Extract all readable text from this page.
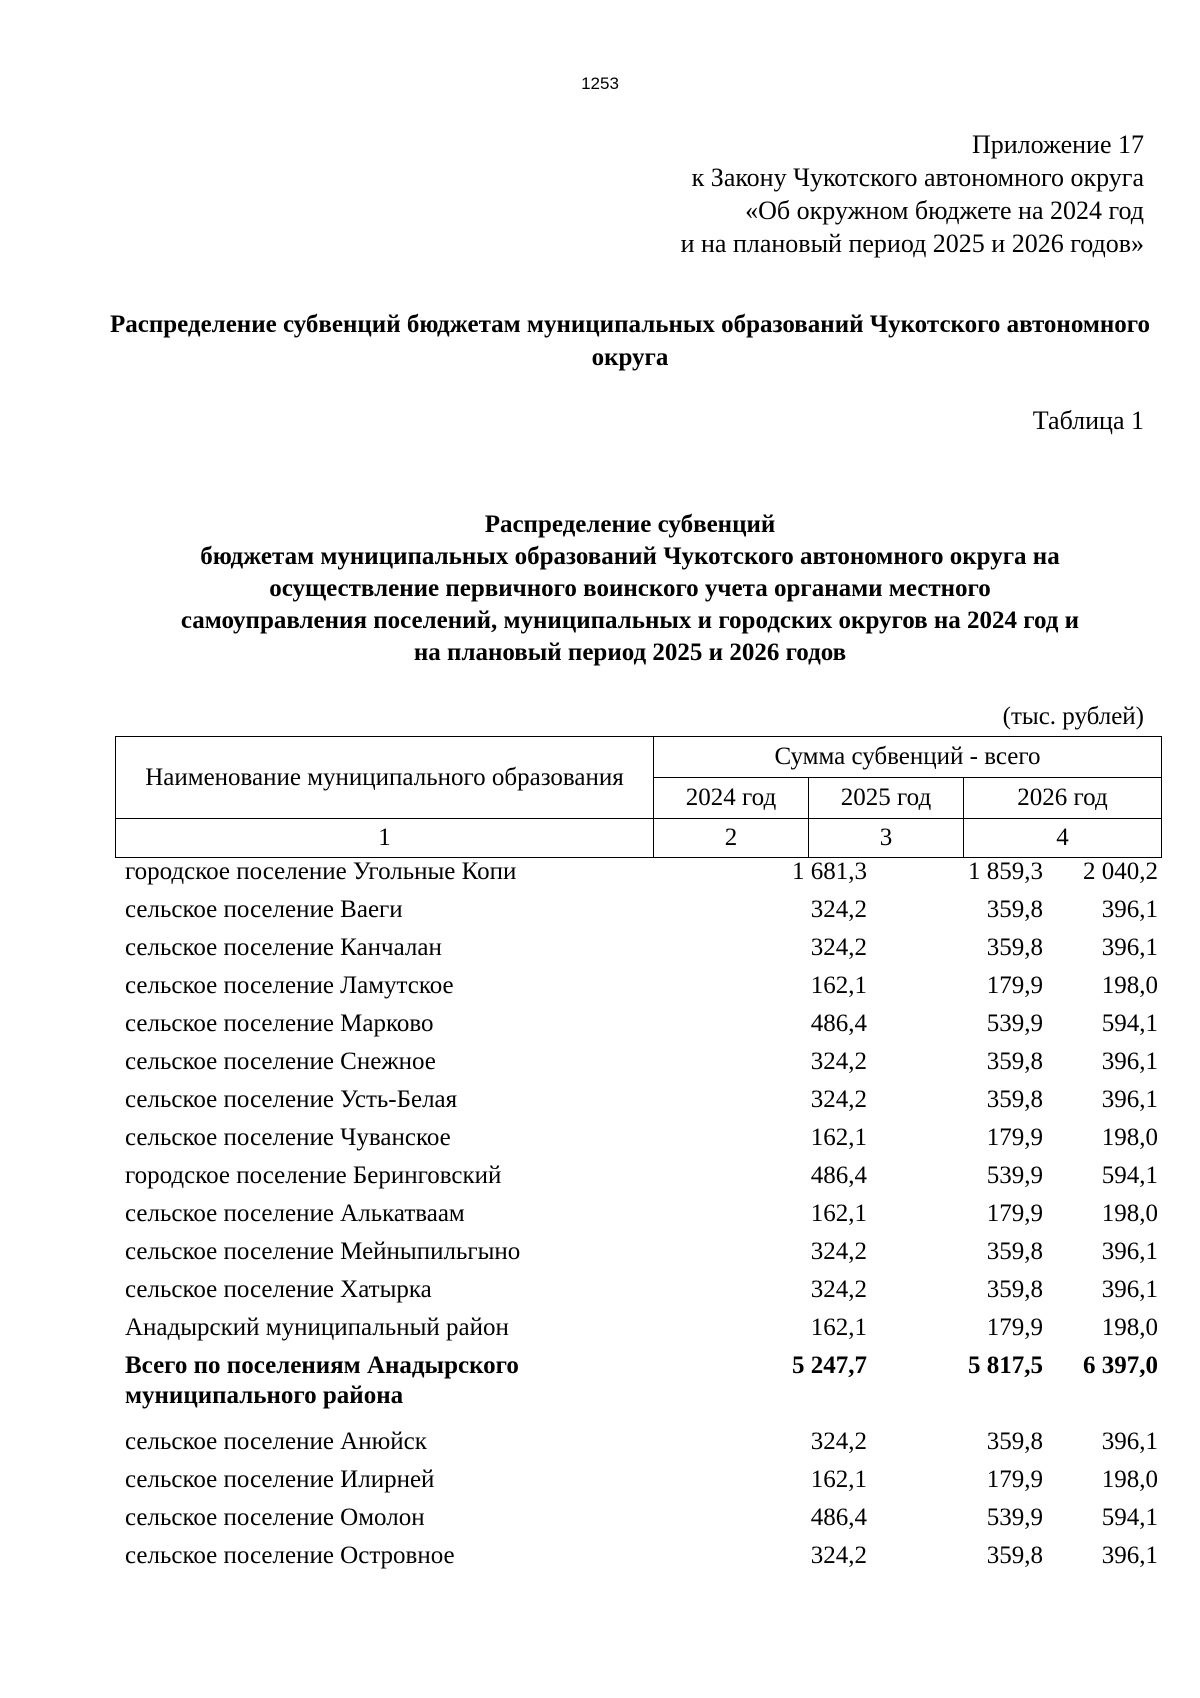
1253
Приложение 17
к Закону Чукотского автономного округа
«Об окружном бюджете на 2024 год
и на плановый период 2025 и 2026 годов»
Распределение субвенций бюджетам муниципальных образований Чукотского автономного округа
Таблица 1
Распределение субвенций
бюджетам муниципальных образований Чукотского автономного округа на
осуществление первичного воинского учета органами местного
самоуправления поселений, муниципальных и городских округов на 2024 год и
на плановый период 2025 и 2026 годов
(тыс. рублей)
Наименование муниципального образования	Сумма субвенций - всего		
	2024 год	2025 год	2026 год
1	2	3	4
городское поселение Угольные Копи	1 681,3	1 859,3	2 040,2
сельское поселение Ваеги	324,2	359,8	396,1
сельское поселение Канчалан	324,2	359,8	396,1
сельское поселение Ламутское	162,1	179,9	198,0
сельское поселение Марково	486,4	539,9	594,1
сельское поселение Снежное	324,2	359,8	396,1
сельское поселение Усть-Белая	324,2	359,8	396,1
сельское поселение Чуванское	162,1	179,9	198,0
городское поселение Беринговский	486,4	539,9	594,1
сельское поселение Алькатваам	162,1	179,9	198,0
сельское поселение Мейныпильгыно	324,2	359,8	396,1
сельское поселение Хатырка	324,2	359,8	396,1
Анадырский муниципальный район	162,1	179,9	198,0
Всего по поселениям Анадырского муниципального района	5 247,7	5 817,5	6 397,0
сельское поселение Анюйск	324,2	359,8	396,1
сельское поселение Илирней	162,1	179,9	198,0
сельское поселение Омолон	486,4	539,9	594,1
сельское поселение Островное	324,2	359,8	396,1
